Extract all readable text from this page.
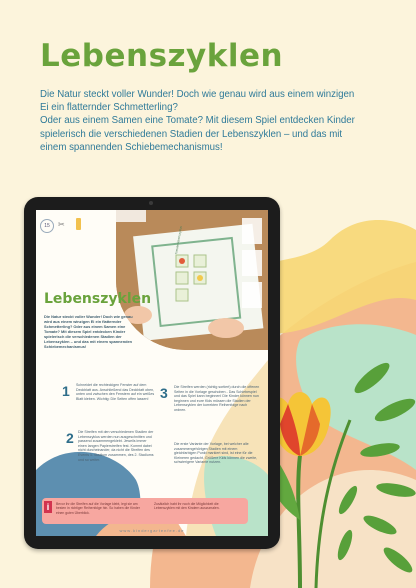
Lebenszyklen

Die Natur steckt voller Wunder! Doch wie genau wird aus einem winzigen

Ei ein flatternder Schmetterling?

Oder aus einem Samen eine Tomate? Mit diesem Spiel entdecken Kinder

spielerisch die verschiedenen Stadien der Lebenszyklen – und das mit

einem spannenden Schiebemechanismus!

15	✂
Tomatenlebenszyklus
Lebenszyklen
Die Natur steckt voller Wunder! Doch wie genau wird aus einem winzigen Ei ein flatternder Schmetterling? Oder aus einem Samen eine Tomate? Mit diesem Spiel entdecken Kinder spielerisch die verschiedenen Stadien der Lebenszyklen – und das mit einem spannenden Schiebemechanismus!
1 Schneidet die rechteckigen Fenster auf dem Deckblatt aus. Anschließend das Deckblatt oben, unten und zwischen den Fenstern auf ein weißes Blatt kleben. Wichtig: Die Seiten offen lassen!
2 Die Streifen mit den verschiedenen Stadien der Lebenszyklus werden nun ausgeschnitten und passend zusammengeklebt. Jeweils immer einen langen Papierstreifen fest. Kommt dabei nicht durcheinander, da nicht die Streifen des Events 1. Stadium zusammen, des 2. Stadiums und so weiter.
3 Die Streifen werden (richtig sortiert) durch die offenen Seiten in die Vorlage geschoben - Das Schiebespiel und das Spiel kann beginnen! Die Kinder können nun beginnen und eure Kids müssen die Stadien der Lebenszyklen der korrekten Reihenfolge nach ordnen.
Die erste Variante der Vorlage, bei welcher alle zusammengehörigen Stadien mit einem gleichfarbigen Punkt markiert sind, ist eine für die Kleineren gedacht. Größere Kids können die zweite, schwierigere Variante nutzen.
i	Bevor ihr die Streifen auf die Vorlage klebt, legt sie am besten in richtiger Reihenfolge hin. So haben die Kinder einen guten Überblick.
Zusätzlich habt ihr noch die Möglichkeit die Lebenszyklen mit den Kindern auszumalen.
www.kindergartenfee.de
